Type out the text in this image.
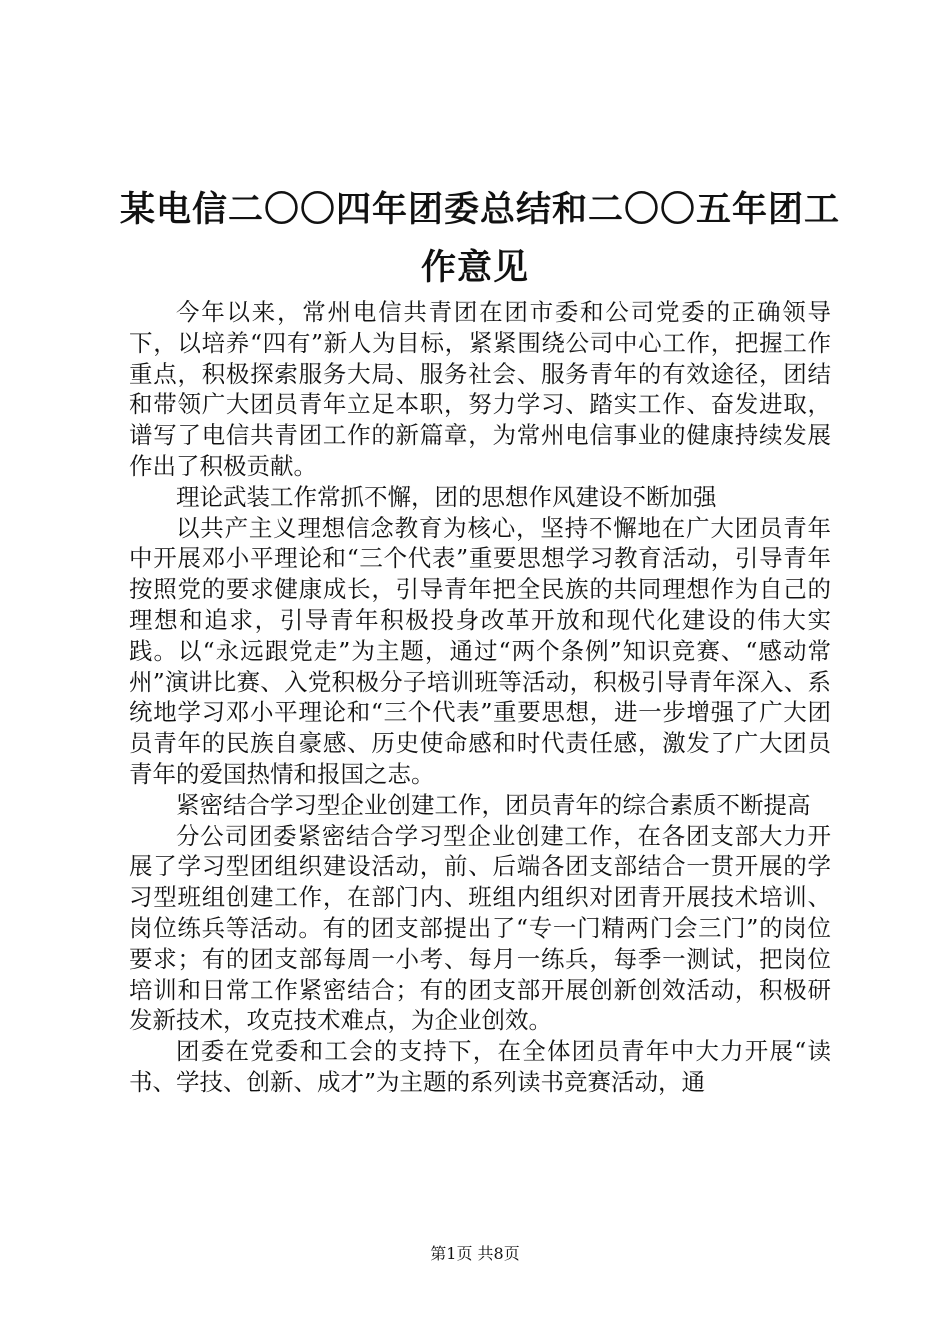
某电信二〇〇四年团委总结和二〇〇五年团工
作意见

今年以来，常州电信共青团在团市委和公司党委的正确领导下，以培养“四有”新人为目标，紧紧围绕公司中心工作，把握工作重点，积极探索服务大局、服务社会、服务青年的有效途径，团结和带领广大团员青年立足本职，努力学习、踏实工作、奋发进取，谱写了电信共青团工作的新篇章，为常州电信事业的健康持续发展作出了积极贡献。

理论武装工作常抓不懈，团的思想作风建设不断加强

以共产主义理想信念教育为核心，坚持不懈地在广大团员青年中开展邓小平理论和“三个代表”重要思想学习教育活动，引导青年按照党的要求健康成长，引导青年把全民族的共同理想作为自己的理想和追求，引导青年积极投身改革开放和现代化建设的伟大实践。以“永远跟党走”为主题，通过“两个条例”知识竞赛、“感动常州”演讲比赛、入党积极分子培训班等活动，积极引导青年深入、系统地学习邓小平理论和“三个代表”重要思想，进一步增强了广大团员青年的民族自豪感、历史使命感和时代责任感，激发了广大团员青年的爱国热情和报国之志。

紧密结合学习型企业创建工作，团员青年的综合素质不断提高

分公司团委紧密结合学习型企业创建工作，在各团支部大力开展了学习型团组织建设活动，前、后端各团支部结合一贯开展的学习型班组创建工作，在部门内、班组内组织对团青开展技术培训、岗位练兵等活动。有的团支部提出了“专一门精两门会三门”的岗位要求；有的团支部每周一小考、每月一练兵，每季一测试，把岗位培训和日常工作紧密结合；有的团支部开展创新创效活动，积极研发新技术，攻克技术难点，为企业创效。

团委在党委和工会的支持下，在全体团员青年中大力开展“读书、学技、创新、成才”为主题的系列读书竞赛活动，通

第1页 共8页
